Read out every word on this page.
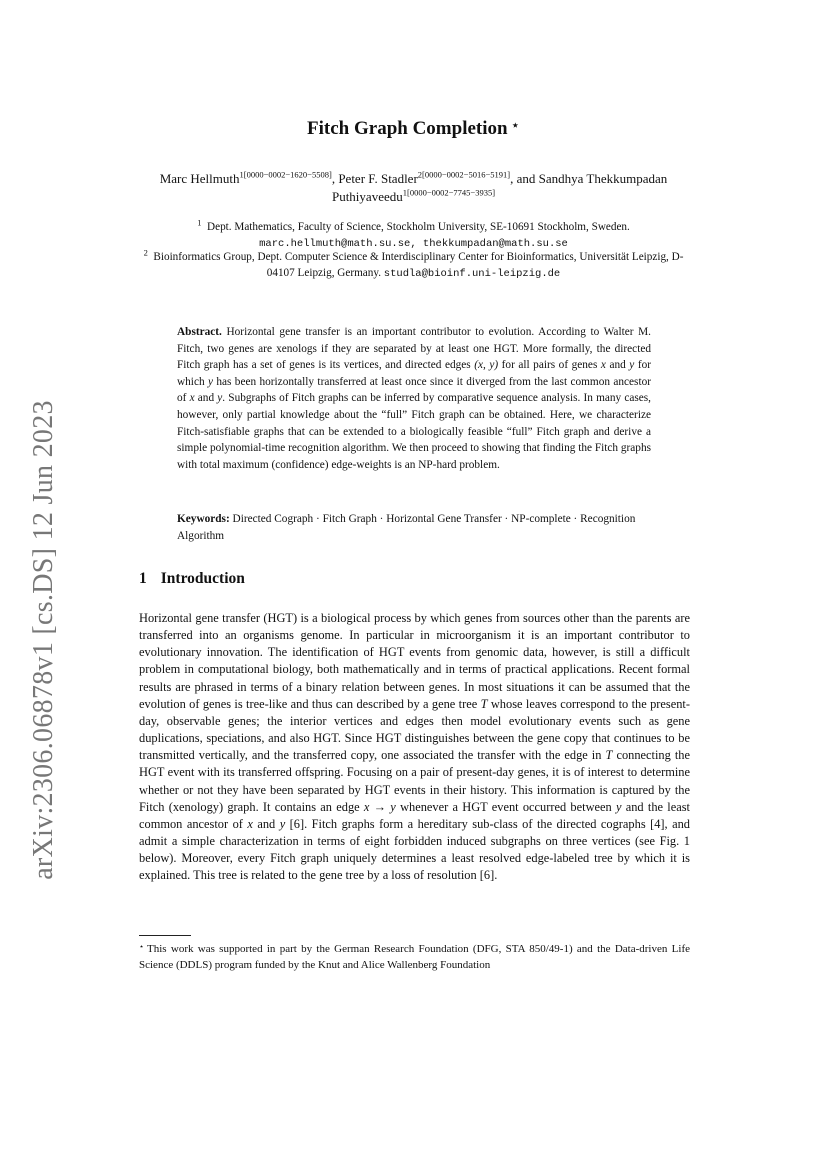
arXiv:2306.06878v1 [cs.DS] 12 Jun 2023
Fitch Graph Completion ⋆
Marc Hellmuth$^{1[0000-0002-1620-5508]}$, Peter F. Stadler$^{2[0000-0002-5016-5191]}$, and Sandhya Thekkumpadan Puthiyaveedu$^{1[0000-0002-7745-3935]}$
$^1$ Dept. Mathematics, Faculty of Science, Stockholm University, SE-10691 Stockholm, Sweden.
marc.hellmuth@math.su.se, thekkumpadan@math.su.se
$^2$ Bioinformatics Group, Dept. Computer Science & Interdisciplinary Center for Bioinformatics, Universität Leipzig, D-04107 Leipzig, Germany. studla@bioinf.uni-leipzig.de
Abstract. Horizontal gene transfer is an important contributor to evolution. According to Walter M. Fitch, two genes are xenologs if they are separated by at least one HGT. More formally, the directed Fitch graph has a set of genes is its vertices, and directed edges (x, y) for all pairs of genes x and y for which y has been horizontally transferred at least once since it diverged from the last common ancestor of x and y. Subgraphs of Fitch graphs can be inferred by comparative sequence analysis. In many cases, however, only partial knowledge about the “full” Fitch graph can be obtained. Here, we characterize Fitch-satisfiable graphs that can be extended to a biologically feasible “full” Fitch graph and derive a simple polynomial-time recognition algorithm. We then proceed to showing that finding the Fitch graphs with total maximum (confidence) edge-weights is an NP-hard problem.
Keywords: Directed Cograph · Fitch Graph · Horizontal Gene Transfer · NP-complete · Recognition Algorithm
1 Introduction
Horizontal gene transfer (HGT) is a biological process by which genes from sources other than the parents are transferred into an organisms genome. In particular in microorganism it is an important contributor to evolutionary innovation. The identification of HGT events from genomic data, however, is still a difficult problem in computational biology, both mathematically and in terms of practical applications. Recent formal results are phrased in terms of a binary relation between genes. In most situations it can be assumed that the evolution of genes is tree-like and thus can described by a gene tree T whose leaves correspond to the present-day, observable genes; the interior vertices and edges then model evolutionary events such as gene duplications, speciations, and also HGT. Since HGT distinguishes between the gene copy that continues to be transmitted vertically, and the transferred copy, one associated the transfer with the edge in T connecting the HGT event with its transferred offspring. Focusing on a pair of present-day genes, it is of interest to determine whether or not they have been separated by HGT events in their history. This information is captured by the Fitch (xenology) graph. It contains an edge x → y whenever a HGT event occurred between y and the least common ancestor of x and y [6]. Fitch graphs form a hereditary sub-class of the directed cographs [4], and admit a simple characterization in terms of eight forbidden induced subgraphs on three vertices (see Fig. 1 below). Moreover, every Fitch graph uniquely determines a least resolved edge-labeled tree by which it is explained. This tree is related to the gene tree by a loss of resolution [6].
⋆ This work was supported in part by the German Research Foundation (DFG, STA 850/49-1) and the Data-driven Life Science (DDLS) program funded by the Knut and Alice Wallenberg Foundation
